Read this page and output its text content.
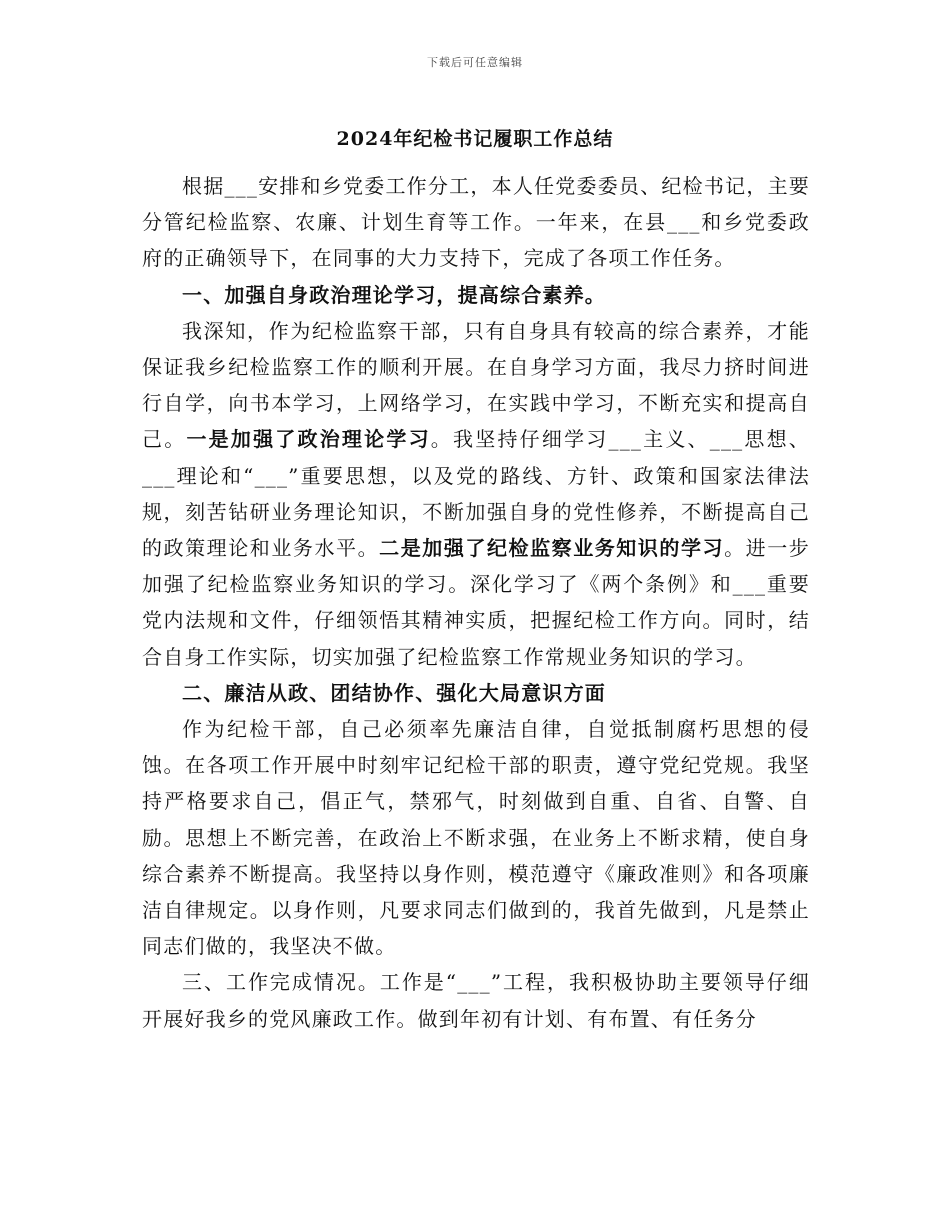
下载后可任意编辑
2024年纪检书记履职工作总结

根据___安排和乡党委工作分工，本人任党委委员、纪检书记，主要分管纪检监察、农廉、计划生育等工作。一年来，在县___和乡党委政府的正确领导下，在同事的大力支持下，完成了各项工作任务。

一、加强自身政治理论学习，提高综合素养。

我深知，作为纪检监察干部，只有自身具有较高的综合素养，才能保证我乡纪检监察工作的顺利开展。在自身学习方面，我尽力挤时间进行自学，向书本学习，上网络学习，在实践中学习，不断充实和提高自己。一是加强了政治理论学习。我坚持仔细学习___主义、___思想、___理论和“___”重要思想，以及党的路线、方针、政策和国家法律法规，刻苦钻研业务理论知识，不断加强自身的党性修养，不断提高自己的政策理论和业务水平。二是加强了纪检监察业务知识的学习。进一步加强了纪检监察业务知识的学习。深化学习了《两个条例》和___重要党内法规和文件，仔细领悟其精神实质，把握纪检工作方向。同时，结合自身工作实际，切实加强了纪检监察工作常规业务知识的学习。

二、廉洁从政、团结协作、强化大局意识方面

作为纪检干部，自己必须率先廉洁自律，自觉抵制腐朽思想的侵蚀。在各项工作开展中时刻牢记纪检干部的职责，遵守党纪党规。我坚持严格要求自己，倡正气，禁邪气，时刻做到自重、自省、自警、自励。思想上不断完善，在政治上不断求强，在业务上不断求精，使自身综合素养不断提高。我坚持以身作则，模范遵守《廉政准则》和各项廉洁自律规定。以身作则，凡要求同志们做到的，我首先做到，凡是禁止同志们做的，我坚决不做。

三、工作完成情况。工作是“___”工程，我积极协助主要领导仔细开展好我乡的党风廉政工作。做到年初有计划、有布置、有任务分
